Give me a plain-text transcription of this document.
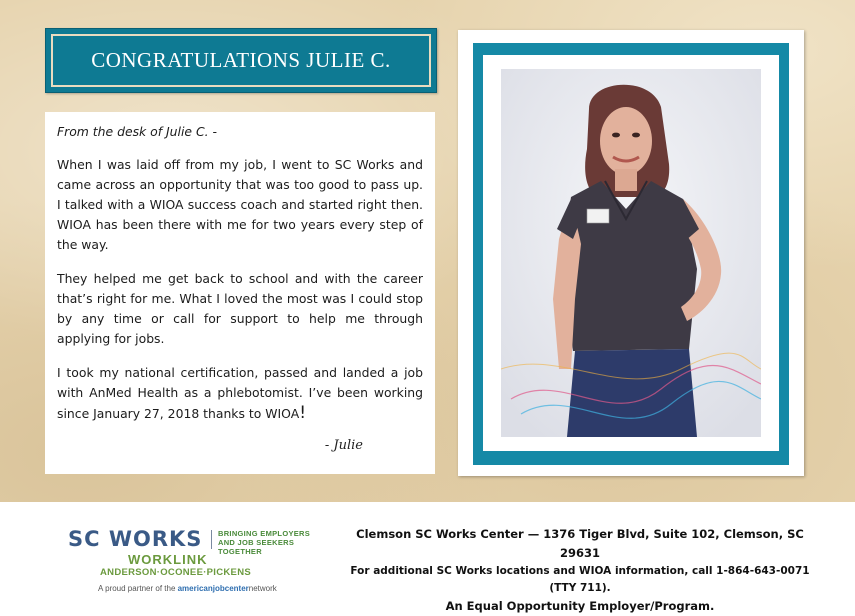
CONGRATULATIONS JULIE C.

From the desk of Julie C. -

When I was laid off from my job, I went to SC Works and came across an opportunity that was too good to pass up. I talked with a WIOA success coach and started right then. WIOA has been there with me for two years every step of the way.

They helped me get back to school and with the career that’s right for me. What I loved the most was I could stop by any time or call for support to help me through applying for jobs.

I took my national certification, passed and landed a job with AnMed Health as a phlebotomist. I’ve been working since January 27, 2018 thanks to WIOA!

- Julie
SC WORKS BRINGING EMPLOYERS
AND JOB SEEKERS TOGETHER
WORKLINK
ANDERSON·OCONEE·PICKENS
A proud partner of the americanjobcenternetwork
Clemson SC Works Center — 1376 Tiger Blvd, Suite 102, Clemson, SC 29631
For additional SC Works locations and WIOA information, call 1-864-643-0071 (TTY 711).
An Equal Opportunity Employer/Program.
